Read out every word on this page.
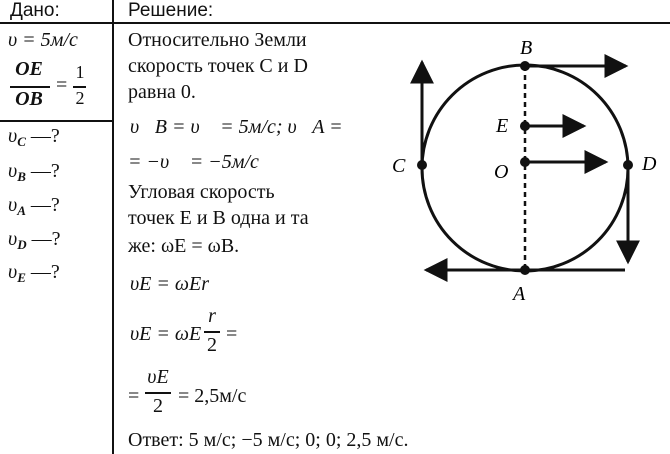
Дано:	Решение:
υ = 5м/с
OE
OB
=
1
2
$\upsilon_C$ —?
$\upsilon_B$ —?
$\upsilon_A$ —?
$\upsilon_D$ —?
$\upsilon_E$ —?
Относительно Земли
скорость точек C и D
равна 0.
υ⃗B = υ⃗ = 5м/с; υ⃗A =
= −υ⃗ = −5м/с
Угловая скорость
точек E и B одна и та
же: ωE = ωB.
υE = ωEr
υE = ωE
r
2 =
=
υE
2 = 2,5м/с
Ответ: 5 м/с; −5 м/с; 0; 0; 2,5 м/с.
B
E
O
C	D
A
